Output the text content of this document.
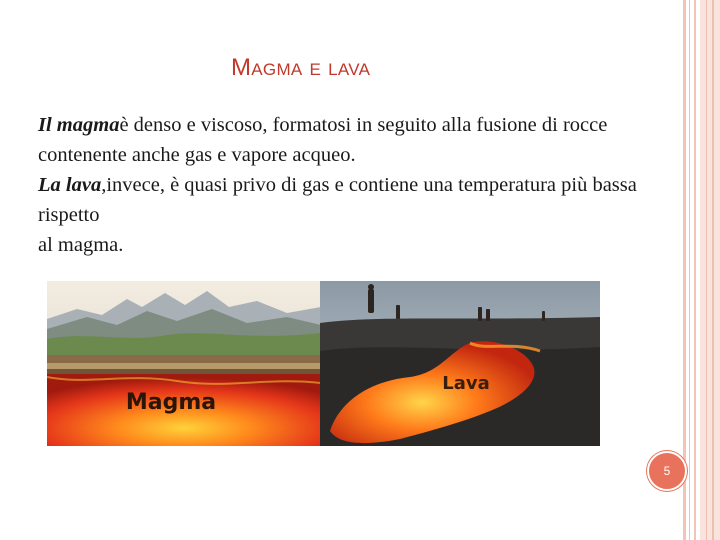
Magma e lava

Il magmaè denso e viscoso, formatosi in seguito alla fusione di rocce contenente anche gas e vapore acqueo.

La lava,invece, è quasi privo di gas e contiene una temperatura più bassa rispetto

al magma.

Magma
Lava
5
